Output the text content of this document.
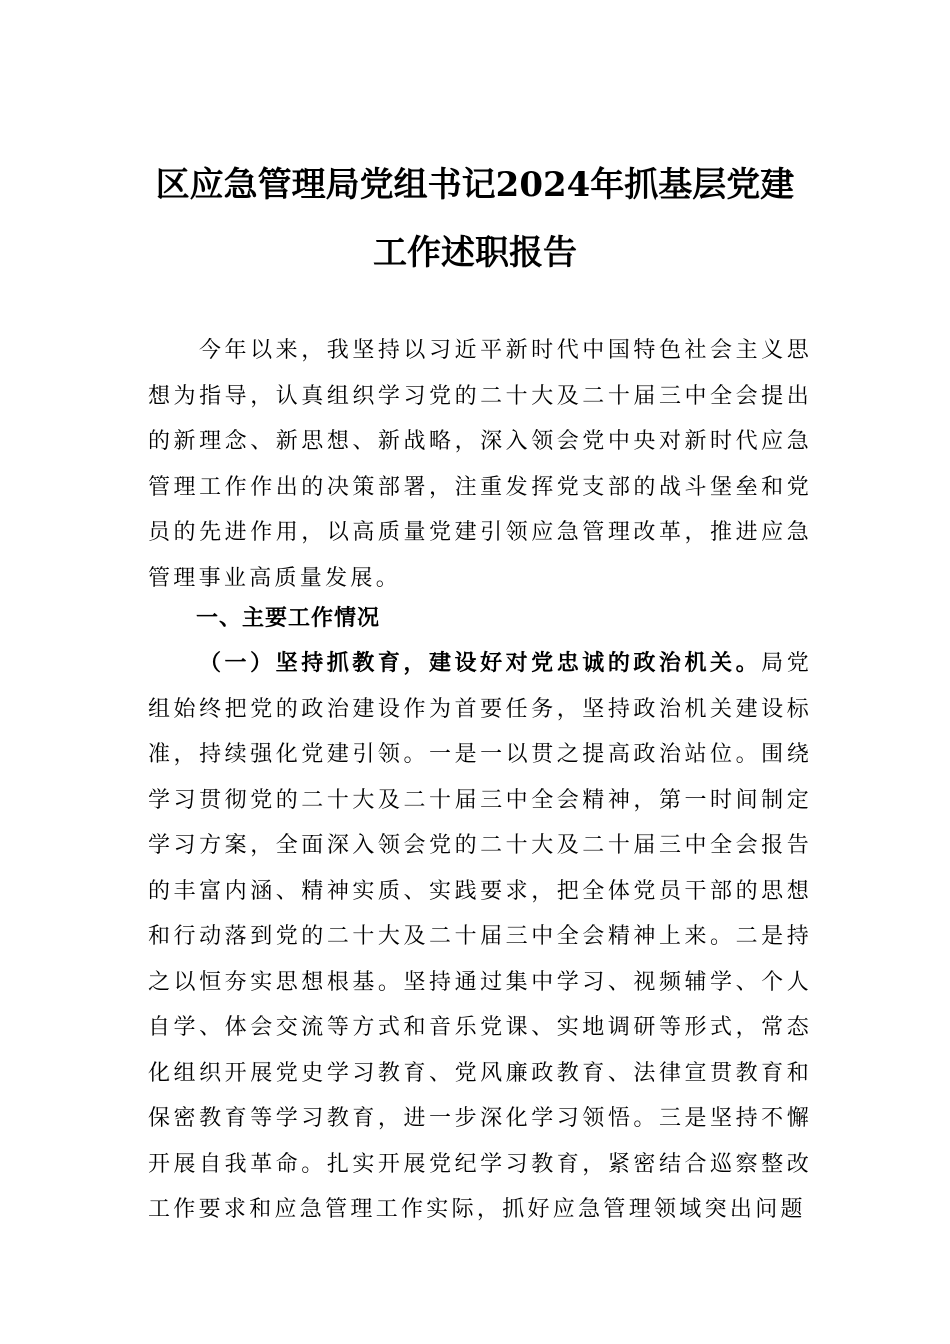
区应急管理局党组书记2024年抓基层党建
工作述职报告

今年以来，我坚持以习近平新时代中国特色社会主义思想为指导，认真组织学习党的二十大及二十届三中全会提出的新理念、新思想、新战略，深入领会党中央对新时代应急管理工作作出的决策部署，注重发挥党支部的战斗堡垒和党员的先进作用，以高质量党建引领应急管理改革，推进应急管理事业高质量发展。

一、主要工作情况

（一）坚持抓教育，建设好对党忠诚的政治机关。局党组始终把党的政治建设作为首要任务，坚持政治机关建设标准，持续强化党建引领。一是一以贯之提高政治站位。围绕学习贯彻党的二十大及二十届三中全会精神，第一时间制定学习方案，全面深入领会党的二十大及二十届三中全会报告的丰富内涵、精神实质、实践要求，把全体党员干部的思想和行动落到党的二十大及二十届三中全会精神上来。二是持之以恒夯实思想根基。坚持通过集中学习、视频辅学、个人自学、体会交流等方式和音乐党课、实地调研等形式，常态化组织开展党史学习教育、党风廉政教育、法律宣贯教育和保密教育等学习教育，进一步深化学习领悟。三是坚持不懈开展自我革命。扎实开展党纪学习教育，紧密结合巡察整改工作要求和应急管理工作实际，抓好应急管理领域突出问题
